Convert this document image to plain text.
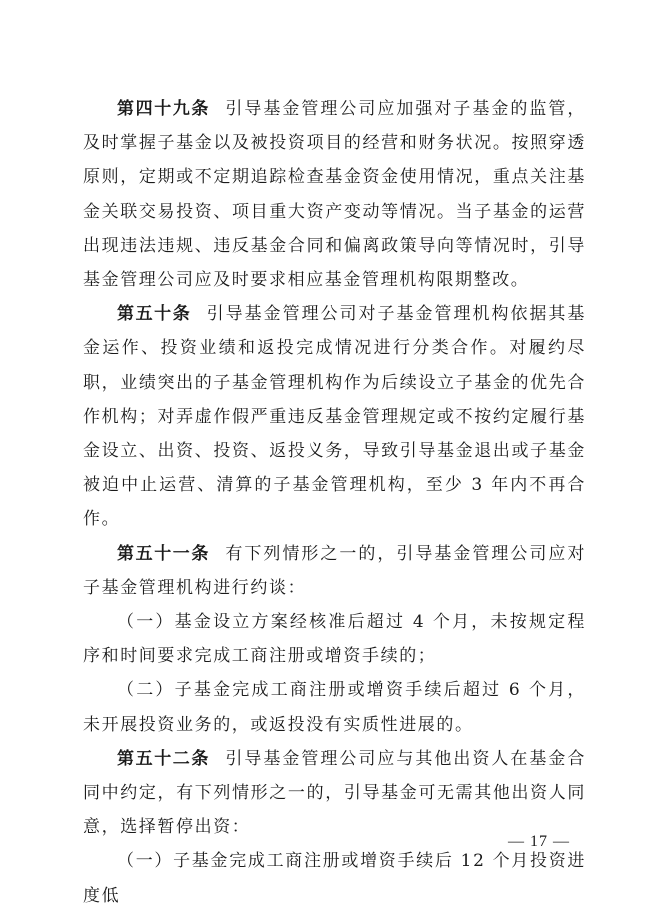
第四十九条 引导基金管理公司应加强对子基金的监管，及时掌握子基金以及被投资项目的经营和财务状况。按照穿透原则，定期或不定期追踪检查基金资金使用情况，重点关注基金关联交易投资、项目重大资产变动等情况。当子基金的运营出现违法违规、违反基金合同和偏离政策导向等情况时，引导基金管理公司应及时要求相应基金管理机构限期整改。

第五十条 引导基金管理公司对子基金管理机构依据其基金运作、投资业绩和返投完成情况进行分类合作。对履约尽职，业绩突出的子基金管理机构作为后续设立子基金的优先合作机构；对弄虚作假严重违反基金管理规定或不按约定履行基金设立、出资、投资、返投义务，导致引导基金退出或子基金被迫中止运营、清算的子基金管理机构，至少 3 年内不再合作。

第五十一条 有下列情形之一的，引导基金管理公司应对子基金管理机构进行约谈：

（一）基金设立方案经核准后超过 4 个月，未按规定程序和时间要求完成工商注册或增资手续的；

（二）子基金完成工商注册或增资手续后超过 6 个月，未开展投资业务的，或返投没有实质性进展的。

第五十二条 引导基金管理公司应与其他出资人在基金合同中约定，有下列情形之一的，引导基金可无需其他出资人同意，选择暂停出资：

（一）子基金完成工商注册或增资手续后 12 个月投资进度低

— 17 —
